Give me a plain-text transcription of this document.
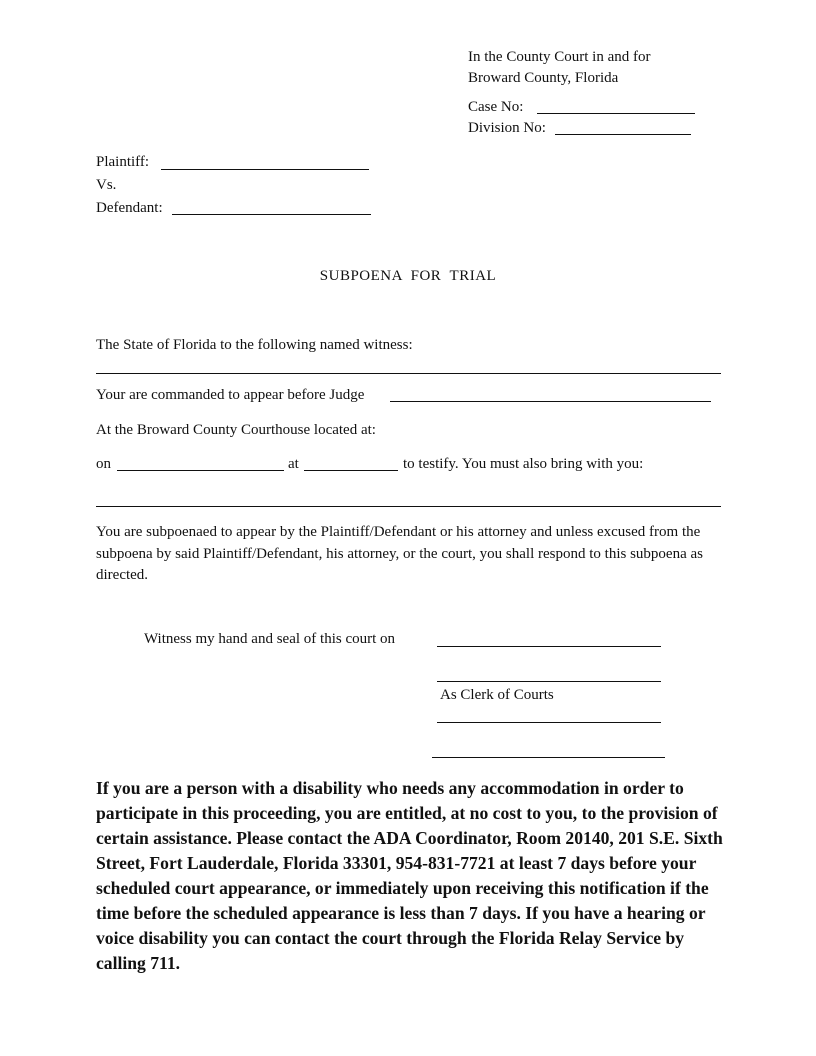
In the County Court in and for
Broward County, Florida
Case No:
Division No:
Plaintiff:
Vs.
Defendant:
SUBPOENA  FOR  TRIAL
The State of Florida to the following named witness:
Your are commanded to appear before Judge
At the Broward County Courthouse located at:
on	at	to testify. You must also bring with you:
You are subpoenaed to appear by the Plaintiff/Defendant or his attorney and unless excused from the subpoena by said Plaintiff/Defendant, his attorney, or the court, you shall respond to this subpoena as directed.
Witness my hand and seal of this court on
As Clerk of Courts
If you are a person with a disability who needs any accommodation in order to participate in this proceeding, you are entitled, at no cost to you, to the provision of certain assistance. Please contact the ADA Coordinator, Room 20140, 201 S.E. Sixth Street, Fort Lauderdale, Florida 33301, 954-831-7721 at least 7 days before your scheduled court appearance, or immediately upon receiving this notification if the time before the scheduled appearance is less than 7 days. If you have a hearing or voice disability you can contact the court through the Florida Relay Service by calling 711.
